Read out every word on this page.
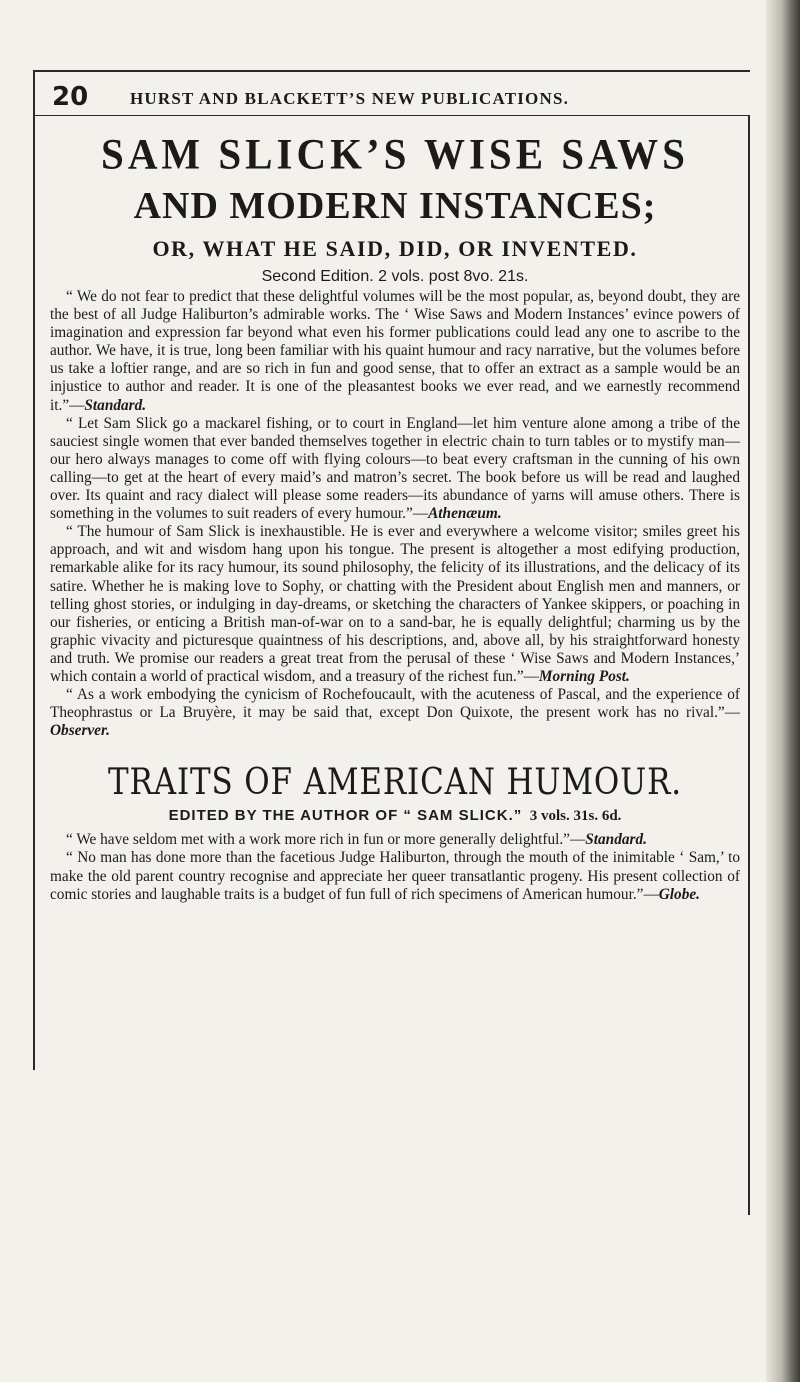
20 HURST AND BLACKETT’S NEW PUBLICATIONS.
SAM SLICK’S WISE SAWS
AND MODERN INSTANCES;
OR, WHAT HE SAID, DID, OR INVENTED.
Second Edition. 2 vols. post 8vo. 21s.

“ We do not fear to predict that these delightful volumes will be the most popular, as, beyond doubt, they are the best of all Judge Haliburton’s admirable works. The ‘ Wise Saws and Modern Instances’ evince powers of imagination and expression far beyond what even his former publications could lead any one to ascribe to the author. We have, it is true, long been familiar with his quaint humour and racy narrative, but the volumes before us take a loftier range, and are so rich in fun and good sense, that to offer an extract as a sample would be an injustice to author and reader. It is one of the pleasantest books we ever read, and we earnestly recommend it.”—Standard.

“ Let Sam Slick go a mackarel fishing, or to court in England—let him venture alone among a tribe of the sauciest single women that ever banded themselves together in electric chain to turn tables or to mystify man—our hero always manages to come off with flying colours—to beat every craftsman in the cunning of his own calling—to get at the heart of every maid’s and matron’s secret. The book before us will be read and laughed over. Its quaint and racy dialect will please some readers—its abundance of yarns will amuse others. There is something in the volumes to suit readers of every humour.”—Athenæum.

“ The humour of Sam Slick is inexhaustible. He is ever and everywhere a welcome visitor; smiles greet his approach, and wit and wisdom hang upon his tongue. The present is altogether a most edifying production, remarkable alike for its racy humour, its sound philosophy, the felicity of its illustrations, and the delicacy of its satire. Whether he is making love to Sophy, or chatting with the President about English men and manners, or telling ghost stories, or indulging in day-dreams, or sketching the characters of Yankee skippers, or poaching in our fisheries, or enticing a British man-of-war on to a sand-bar, he is equally delightful; charming us by the graphic vivacity and picturesque quaintness of his descriptions, and, above all, by his straightforward honesty and truth. We promise our readers a great treat from the perusal of these ‘ Wise Saws and Modern Instances,’ which contain a world of practical wisdom, and a treasury of the richest fun.”—Morning Post.

“ As a work embodying the cynicism of Rochefoucault, with the acuteness of Pascal, and the experience of Theophrastus or La Bruyère, it may be said that, except Don Quixote, the present work has no rival.”—Observer.

TRAITS OF AMERICAN HUMOUR.
EDITED BY THE AUTHOR OF “ SAM SLICK.” 3 vols. 31s. 6d.

“ We have seldom met with a work more rich in fun or more generally delightful.”—Standard.

“ No man has done more than the facetious Judge Haliburton, through the mouth of the inimitable ‘ Sam,’ to make the old parent country recognise and appreciate her queer transatlantic progeny. His present collection of comic stories and laughable traits is a budget of fun full of rich specimens of American humour.”—Globe.
